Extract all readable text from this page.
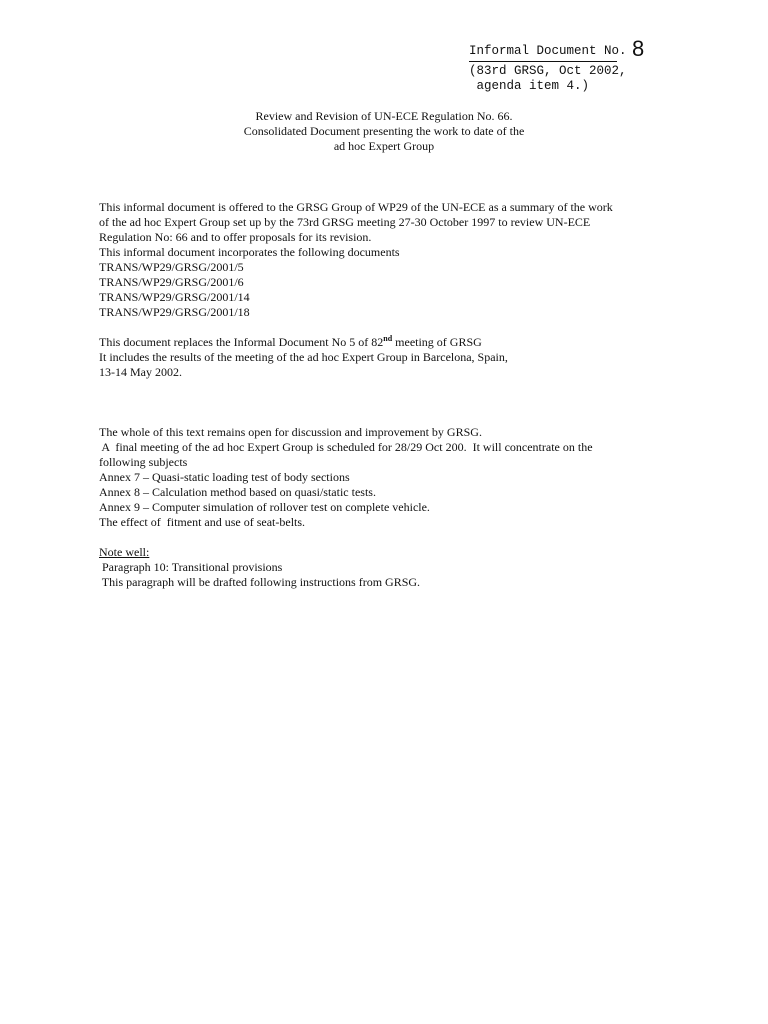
Informal Document No. 8
(83rd GRSG, Oct 2002,
agenda item 4.)
Review and Revision of UN-ECE Regulation No. 66.
Consolidated Document presenting the work to date of the
ad hoc Expert Group
This informal document is offered to the GRSG Group of WP29 of the UN-ECE as a summary of the work
of the ad hoc Expert Group set up by the 73rd GRSG meeting 27-30 October 1997 to review UN-ECE
Regulation No: 66 and to offer proposals for its revision.
This informal document incorporates the following documents
TRANS/WP29/GRSG/2001/5
TRANS/WP29/GRSG/2001/6
TRANS/WP29/GRSG/2001/14
TRANS/WP29/GRSG/2001/18
This document replaces the Informal Document No 5 of 82nd meeting of GRSG
It includes the results of the meeting of the ad hoc Expert Group in Barcelona, Spain,
13-14 May 2002.
The whole of this text remains open for discussion and improvement by GRSG.
A  final meeting of the ad hoc Expert Group is scheduled for 28/29 Oct 200.  It will concentrate on the
following subjects
Annex 7 – Quasi-static loading test of body sections
Annex 8 – Calculation method based on quasi/static tests.
Annex 9 – Computer simulation of rollover test on complete vehicle.
The effect of  fitment and use of seat-belts.
Note well:
Paragraph 10: Transitional provisions
This paragraph will be drafted following instructions from GRSG.
